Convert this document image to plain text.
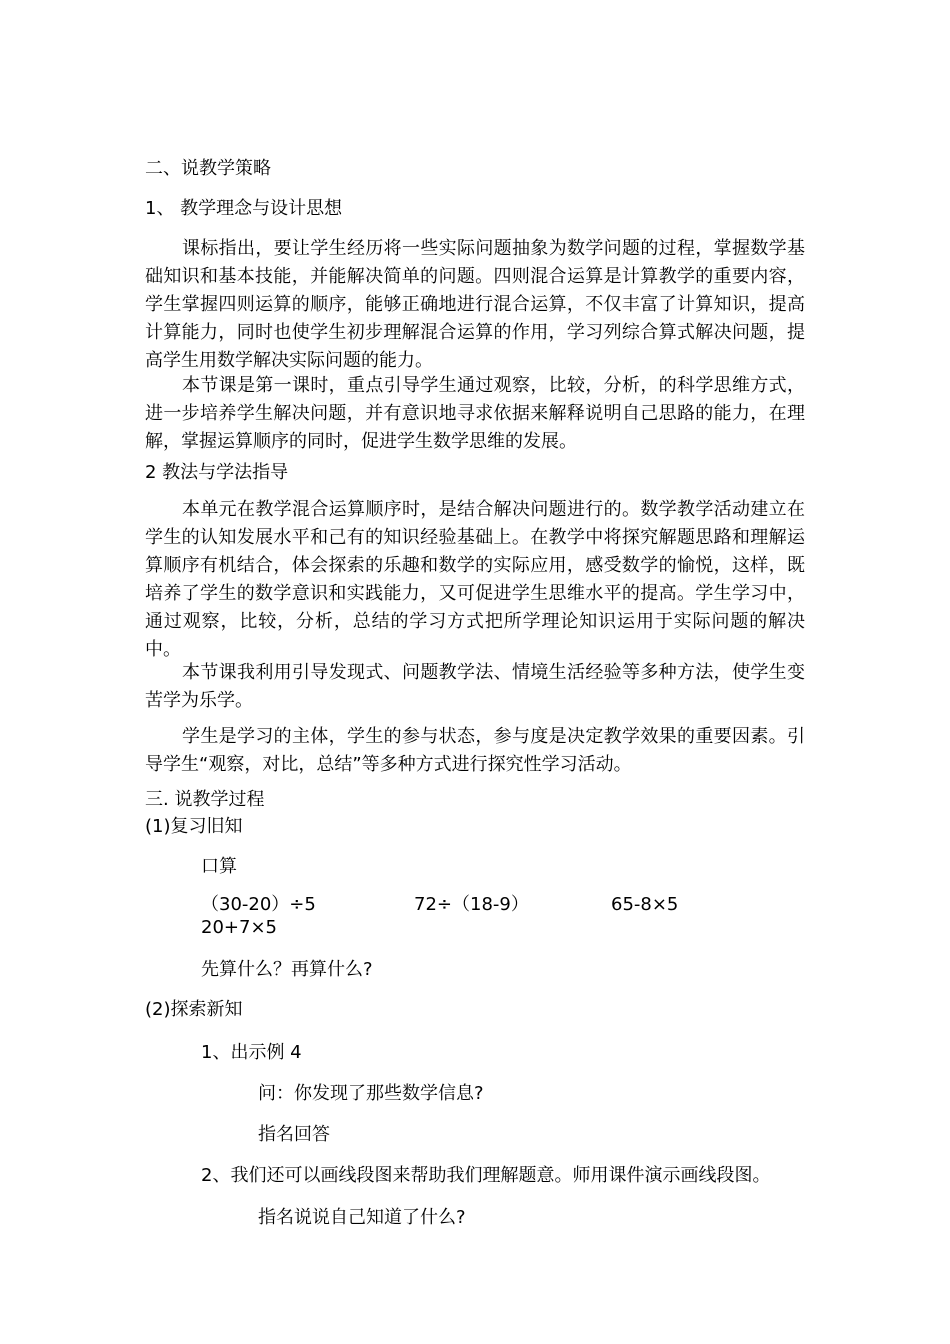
二、说教学策略
1、 教学理念与设计思想
课标指出，要让学生经历将一些实际问题抽象为数学问题的过程，掌握数学基础知识和基本技能，并能解决简单的问题。四则混合运算是计算教学的重要内容，学生掌握四则运算的顺序，能够正确地进行混合运算，不仅丰富了计算知识，提高计算能力，同时也使学生初步理解混合运算的作用，学习列综合算式解决问题，提高学生用数学解决实际问题的能力。
本节课是第一课时，重点引导学生通过观察，比较，分析，的科学思维方式，进一步培养学生解决问题，并有意识地寻求依据来解释说明自己思路的能力，在理解，掌握运算顺序的同时，促进学生数学思维的发展。
2 教法与学法指导
本单元在教学混合运算顺序时，是结合解决问题进行的。数学教学活动建立在学生的认知发展水平和己有的知识经验基础上。在教学中将探究解题思路和理解运算顺序有机结合，体会探索的乐趣和数学的实际应用，感受数学的愉悦，这样，既培养了学生的数学意识和实践能力，又可促进学生思维水平的提高。学生学习中，通过观察，比较，分析，总结的学习方式把所学理论知识运用于实际问题的解决中。
本节课我利用引导发现式、问题教学法、情境生活经验等多种方法，使学生变苦学为乐学。
学生是学习的主体，学生的参与状态，参与度是决定教学效果的重要因素。引导学生“观察，对比，总结”等多种方式进行探究性学习活动。
三. 说教学过程
(1)复习旧知
口算
（30-20）÷5	72÷（18-9）	65-8×5
20+7×5
先算什么？再算什么?
(2)探索新知
1、出示例 4
问：你发现了那些数学信息?
指名回答
2、我们还可以画线段图来帮助我们理解题意。师用课件演示画线段图。
指名说说自己知道了什么?
